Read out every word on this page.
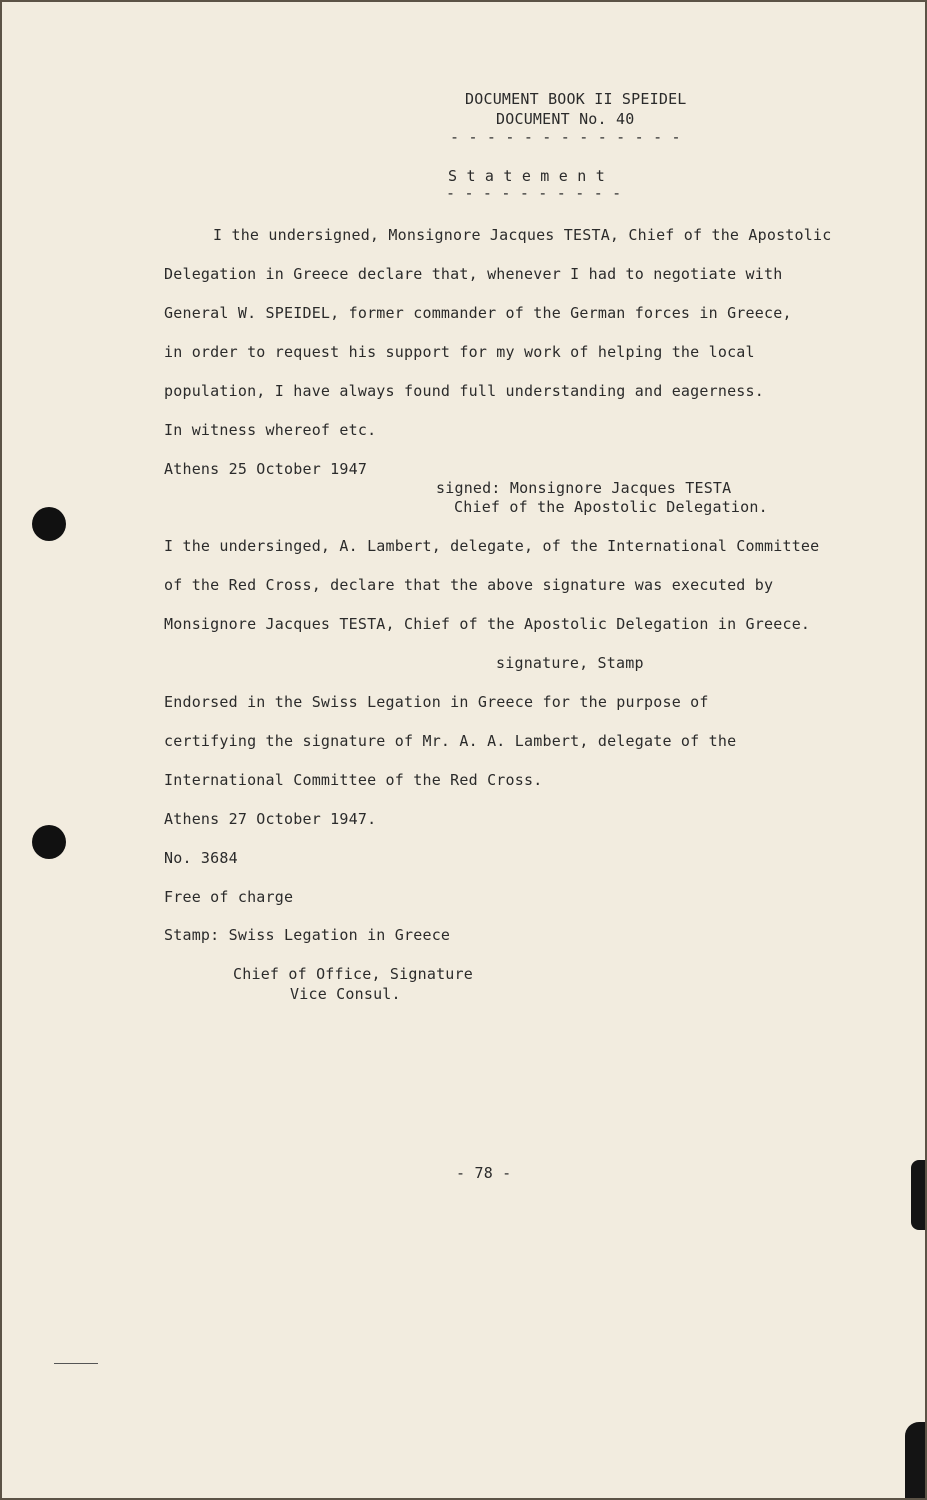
DOCUMENT BOOK II SPEIDEL
DOCUMENT No. 40
- - - - - - - - - - - - -
S t a t e m e n t
- - - - - - - - - -
I the undersigned, Monsignore Jacques TESTA, Chief of the Apostolic
Delegation in Greece declare that, whenever I had to negotiate with
General W. SPEIDEL, former commander of the German forces in Greece,
in order to request his support for my work of helping the local
population, I have always found full understanding and eagerness.
In witness whereof etc.
Athens 25 October 1947
signed: Monsignore Jacques TESTA
Chief of the Apostolic Delegation.
I the undersinged, A. Lambert, delegate, of the International Committee
of the Red Cross, declare that the above signature was executed by
Monsignore Jacques TESTA, Chief of the Apostolic Delegation in Greece.
signature, Stamp
Endorsed in the Swiss Legation in Greece for the purpose of
certifying the signature of Mr. A. A. Lambert, delegate of the
International Committee of the Red Cross.
Athens 27 October 1947.
No. 3684
Free of charge
Stamp: Swiss Legation in Greece
Chief of Office, Signature
Vice Consul.
- 78 -
